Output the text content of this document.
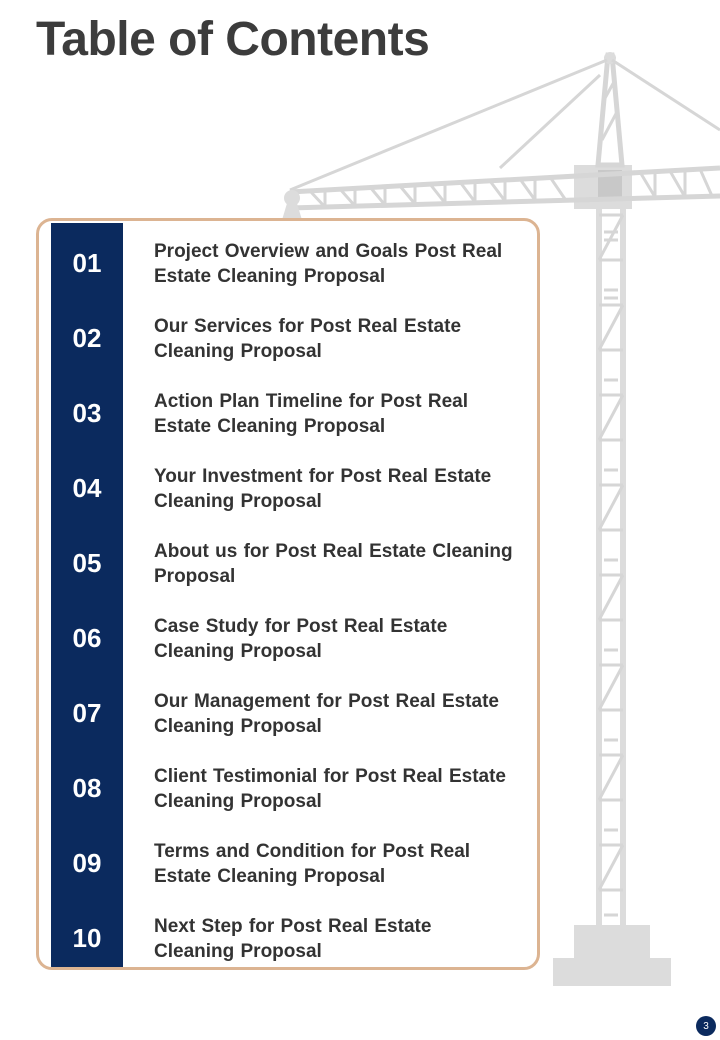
Table of Contents
01	Project Overview and Goals Post Real Estate Cleaning Proposal
02	Our Services for Post Real Estate Cleaning Proposal
03	Action Plan Timeline for Post Real Estate Cleaning Proposal
04	Your Investment for Post Real Estate Cleaning Proposal
05	About us for Post Real Estate Cleaning Proposal
06	Case Study for Post Real Estate Cleaning Proposal
07	Our Management for Post Real Estate Cleaning Proposal
08	Client Testimonial for Post Real Estate Cleaning Proposal
09	Terms and Condition for Post Real Estate Cleaning Proposal
10	Next Step for Post Real Estate Cleaning Proposal
3
